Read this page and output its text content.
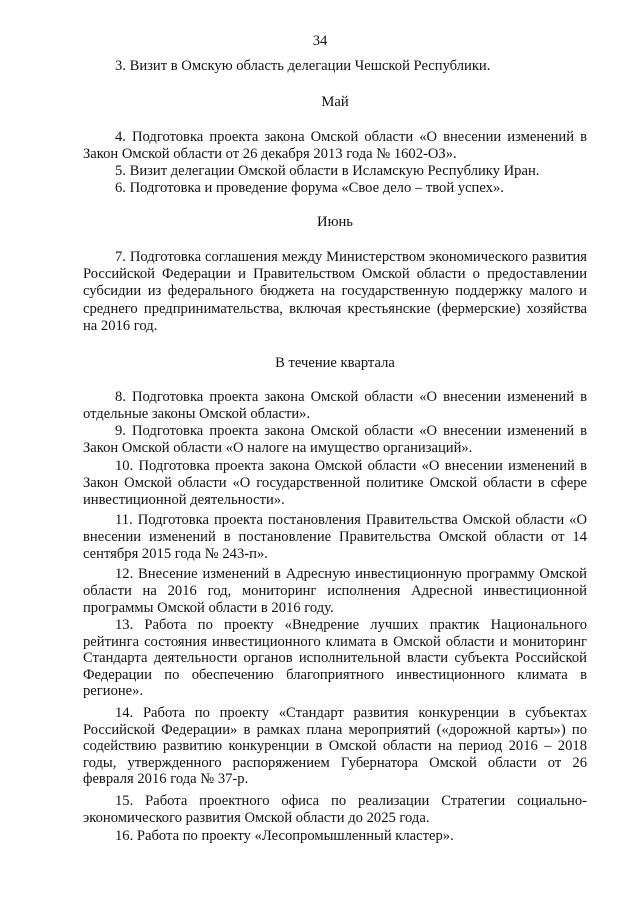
34

3. Визит в Омскую область делегации Чешской Республики.

Май

4. Подготовка проекта закона Омской области «О внесении изменений в Закон Омской области от 26 декабря 2013 года № 1602-ОЗ».

5. Визит делегации Омской области в Исламскую Республику Иран.

6. Подготовка и проведение форума «Свое дело – твой успех».

Июнь

7. Подготовка соглашения между Министерством экономического развития Российской Федерации и Правительством Омской области о предоставлении субсидии из федерального бюджета на государственную поддержку малого и среднего предпринимательства, включая крестьянские (фермерские) хозяйства на 2016 год.

В течение квартала

8. Подготовка проекта закона Омской области «О внесении изменений в отдельные законы Омской области».

9. Подготовка проекта закона Омской области «О внесении изменений в Закон Омской области «О налоге на имущество организаций».

10. Подготовка проекта закона Омской области «О внесении изменений в Закон Омской области «О государственной политике Омской области в сфере инвестиционной деятельности».

11. Подготовка проекта постановления Правительства Омской области «О внесении изменений в постановление Правительства Омской области от 14 сентября 2015 года № 243-п».

12. Внесение изменений в Адресную инвестиционную программу Омской области на 2016 год, мониторинг исполнения Адресной инвестиционной программы Омской области в 2016 году.

13. Работа по проекту «Внедрение лучших практик Национального рейтинга состояния инвестиционного климата в Омской области и мониторинг Стандарта деятельности органов исполнительной власти субъекта Российской Федерации по обеспечению благоприятного инвестиционного климата в регионе».

14. Работа по проекту «Стандарт развития конкуренции в субъектах Российской Федерации» в рамках плана мероприятий («дорожной карты») по содействию развитию конкуренции в Омской области на период 2016 – 2018 годы, утвержденного распоряжением Губернатора Омской области от 26 февраля 2016 года № 37-р.

15. Работа проектного офиса по реализации Стратегии социально-экономического развития Омской области до 2025 года.

16. Работа по проекту «Лесопромышленный кластер».
